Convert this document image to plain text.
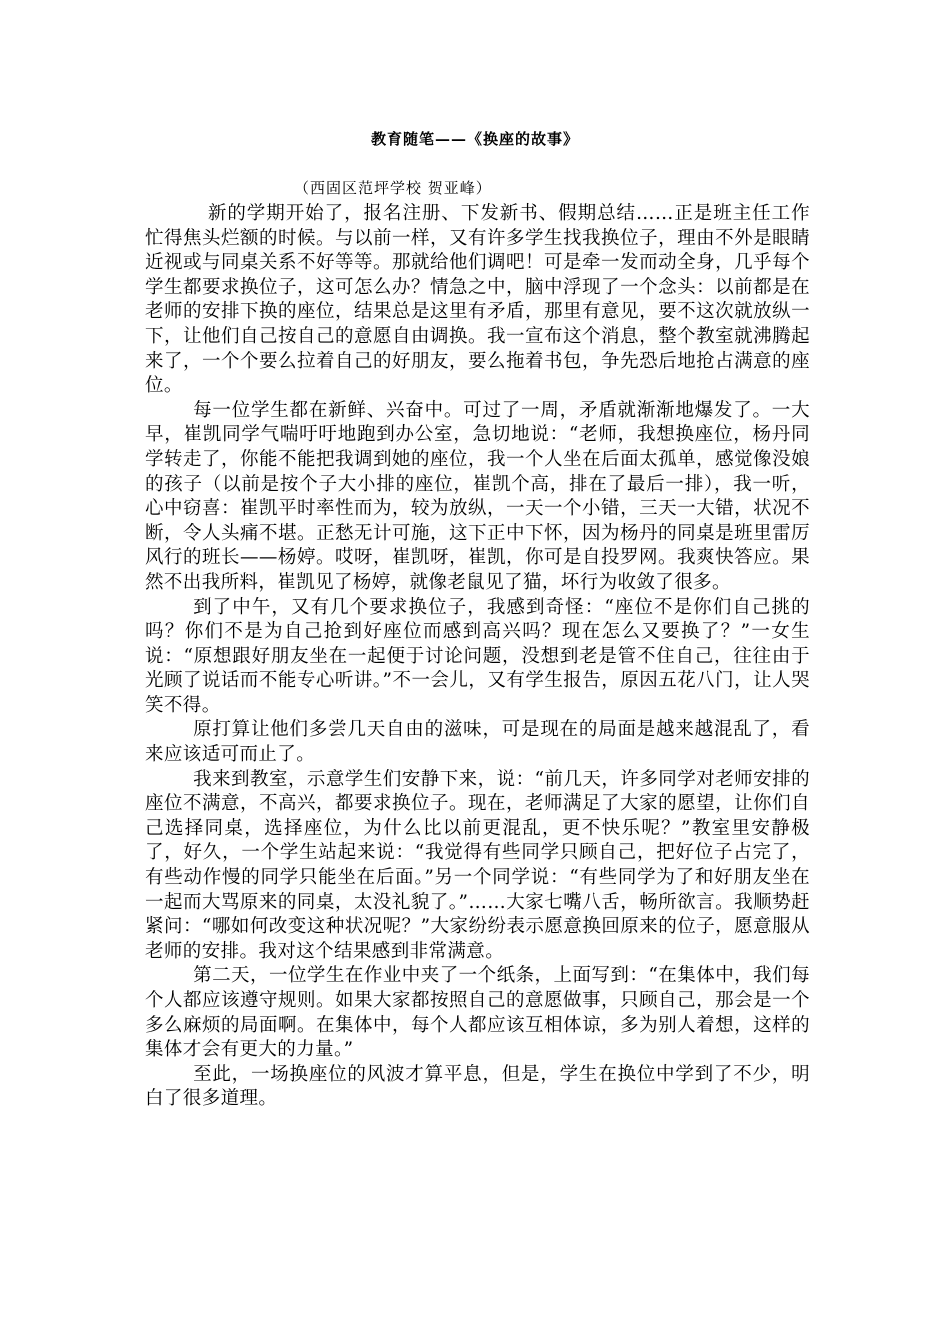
教育随笔——《换座的故事》
（西固区范坪学校 贺亚峰）

新的学期开始了，报名注册、下发新书、假期总结……正是班主任工作忙得焦头烂额的时候。与以前一样，又有许多学生找我换位子，理由不外是眼睛近视或与同桌关系不好等等。那就给他们调吧！可是牵一发而动全身，几乎每个学生都要求换位子，这可怎么办？情急之中，脑中浮现了一个念头：以前都是在老师的安排下换的座位，结果总是这里有矛盾，那里有意见，要不这次就放纵一下，让他们自己按自己的意愿自由调换。我一宣布这个消息，整个教室就沸腾起来了，一个个要么拉着自己的好朋友，要么拖着书包，争先恐后地抢占满意的座位。

每一位学生都在新鲜、兴奋中。可过了一周，矛盾就渐渐地爆发了。一大早，崔凯同学气喘吁吁地跑到办公室，急切地说：“老师，我想换座位，杨丹同学转走了，你能不能把我调到她的座位，我一个人坐在后面太孤单，感觉像没娘的孩子（以前是按个子大小排的座位，崔凯个高，排在了最后一排），我一听，心中窃喜：崔凯平时率性而为，较为放纵，一天一个小错，三天一大错，状况不断，令人头痛不堪。正愁无计可施，这下正中下怀，因为杨丹的同桌是班里雷厉风行的班长——杨婷。哎呀，崔凯呀，崔凯，你可是自投罗网。我爽快答应。果然不出我所料，崔凯见了杨婷，就像老鼠见了猫，坏行为收敛了很多。

到了中午，又有几个要求换位子，我感到奇怪：“座位不是你们自己挑的吗？你们不是为自己抢到好座位而感到高兴吗？现在怎么又要换了？”一女生说：“原想跟好朋友坐在一起便于讨论问题，没想到老是管不住自己，往往由于光顾了说话而不能专心听讲。”不一会儿，又有学生报告，原因五花八门，让人哭笑不得。

原打算让他们多尝几天自由的滋味，可是现在的局面是越来越混乱了，看来应该适可而止了。

我来到教室，示意学生们安静下来，说：“前几天，许多同学对老师安排的座位不满意，不高兴，都要求换位子。现在，老师满足了大家的愿望，让你们自己选择同桌，选择座位，为什么比以前更混乱，更不快乐呢？”教室里安静极了，好久，一个学生站起来说：“我觉得有些同学只顾自己，把好位子占完了，有些动作慢的同学只能坐在后面。”另一个同学说：“有些同学为了和好朋友坐在一起而大骂原来的同桌，太没礼貌了。”……大家七嘴八舌，畅所欲言。我顺势赶紧问：“哪如何改变这种状况呢？”大家纷纷表示愿意换回原来的位子，愿意服从老师的安排。我对这个结果感到非常满意。

第二天，一位学生在作业中夹了一个纸条，上面写到：“在集体中，我们每个人都应该遵守规则。如果大家都按照自己的意愿做事，只顾自己，那会是一个多么麻烦的局面啊。在集体中，每个人都应该互相体谅，多为别人着想，这样的集体才会有更大的力量。”

至此，一场换座位的风波才算平息，但是，学生在换位中学到了不少，明白了很多道理。
